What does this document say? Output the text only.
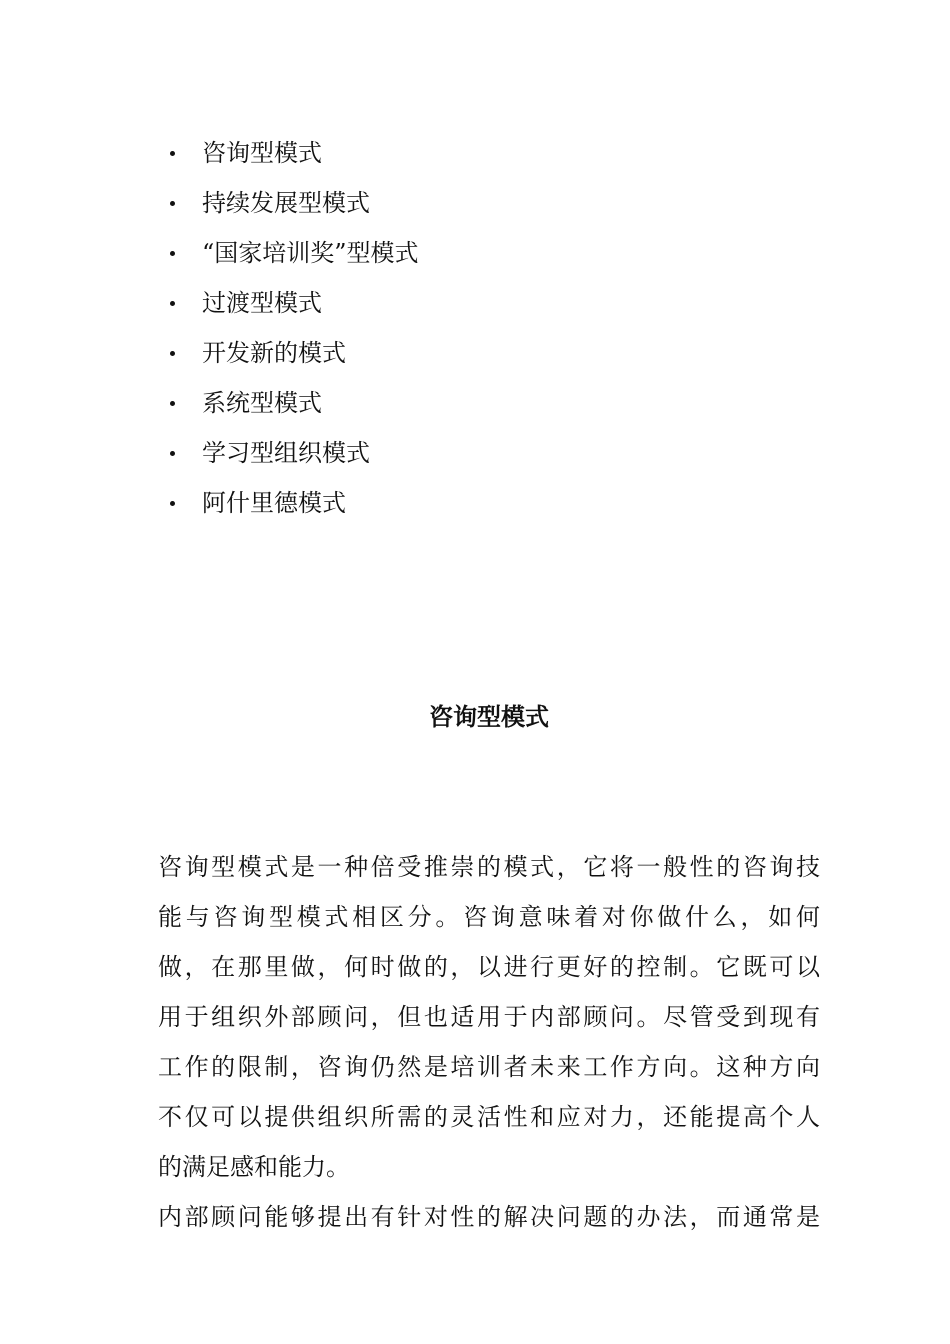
咨询型模式
持续发展型模式
“国家培训奖”型模式
过渡型模式
开发新的模式
系统型模式
学习型组织模式
阿什里德模式
咨询型模式

咨询型模式是一种倍受推崇的模式，它将一般性的咨询技
能与咨询型模式相区分。咨询意味着对你做什么，如何
做，在那里做，何时做的，以进行更好的控制。它既可以
用于组织外部顾问，但也适用于内部顾问。尽管受到现有
工作的限制，咨询仍然是培训者未来工作方向。这种方向
不仅可以提供组织所需的灵活性和应对力，还能提高个人
的满足感和能力。

内部顾问能够提出有针对性的解决问题的办法，而通常是
